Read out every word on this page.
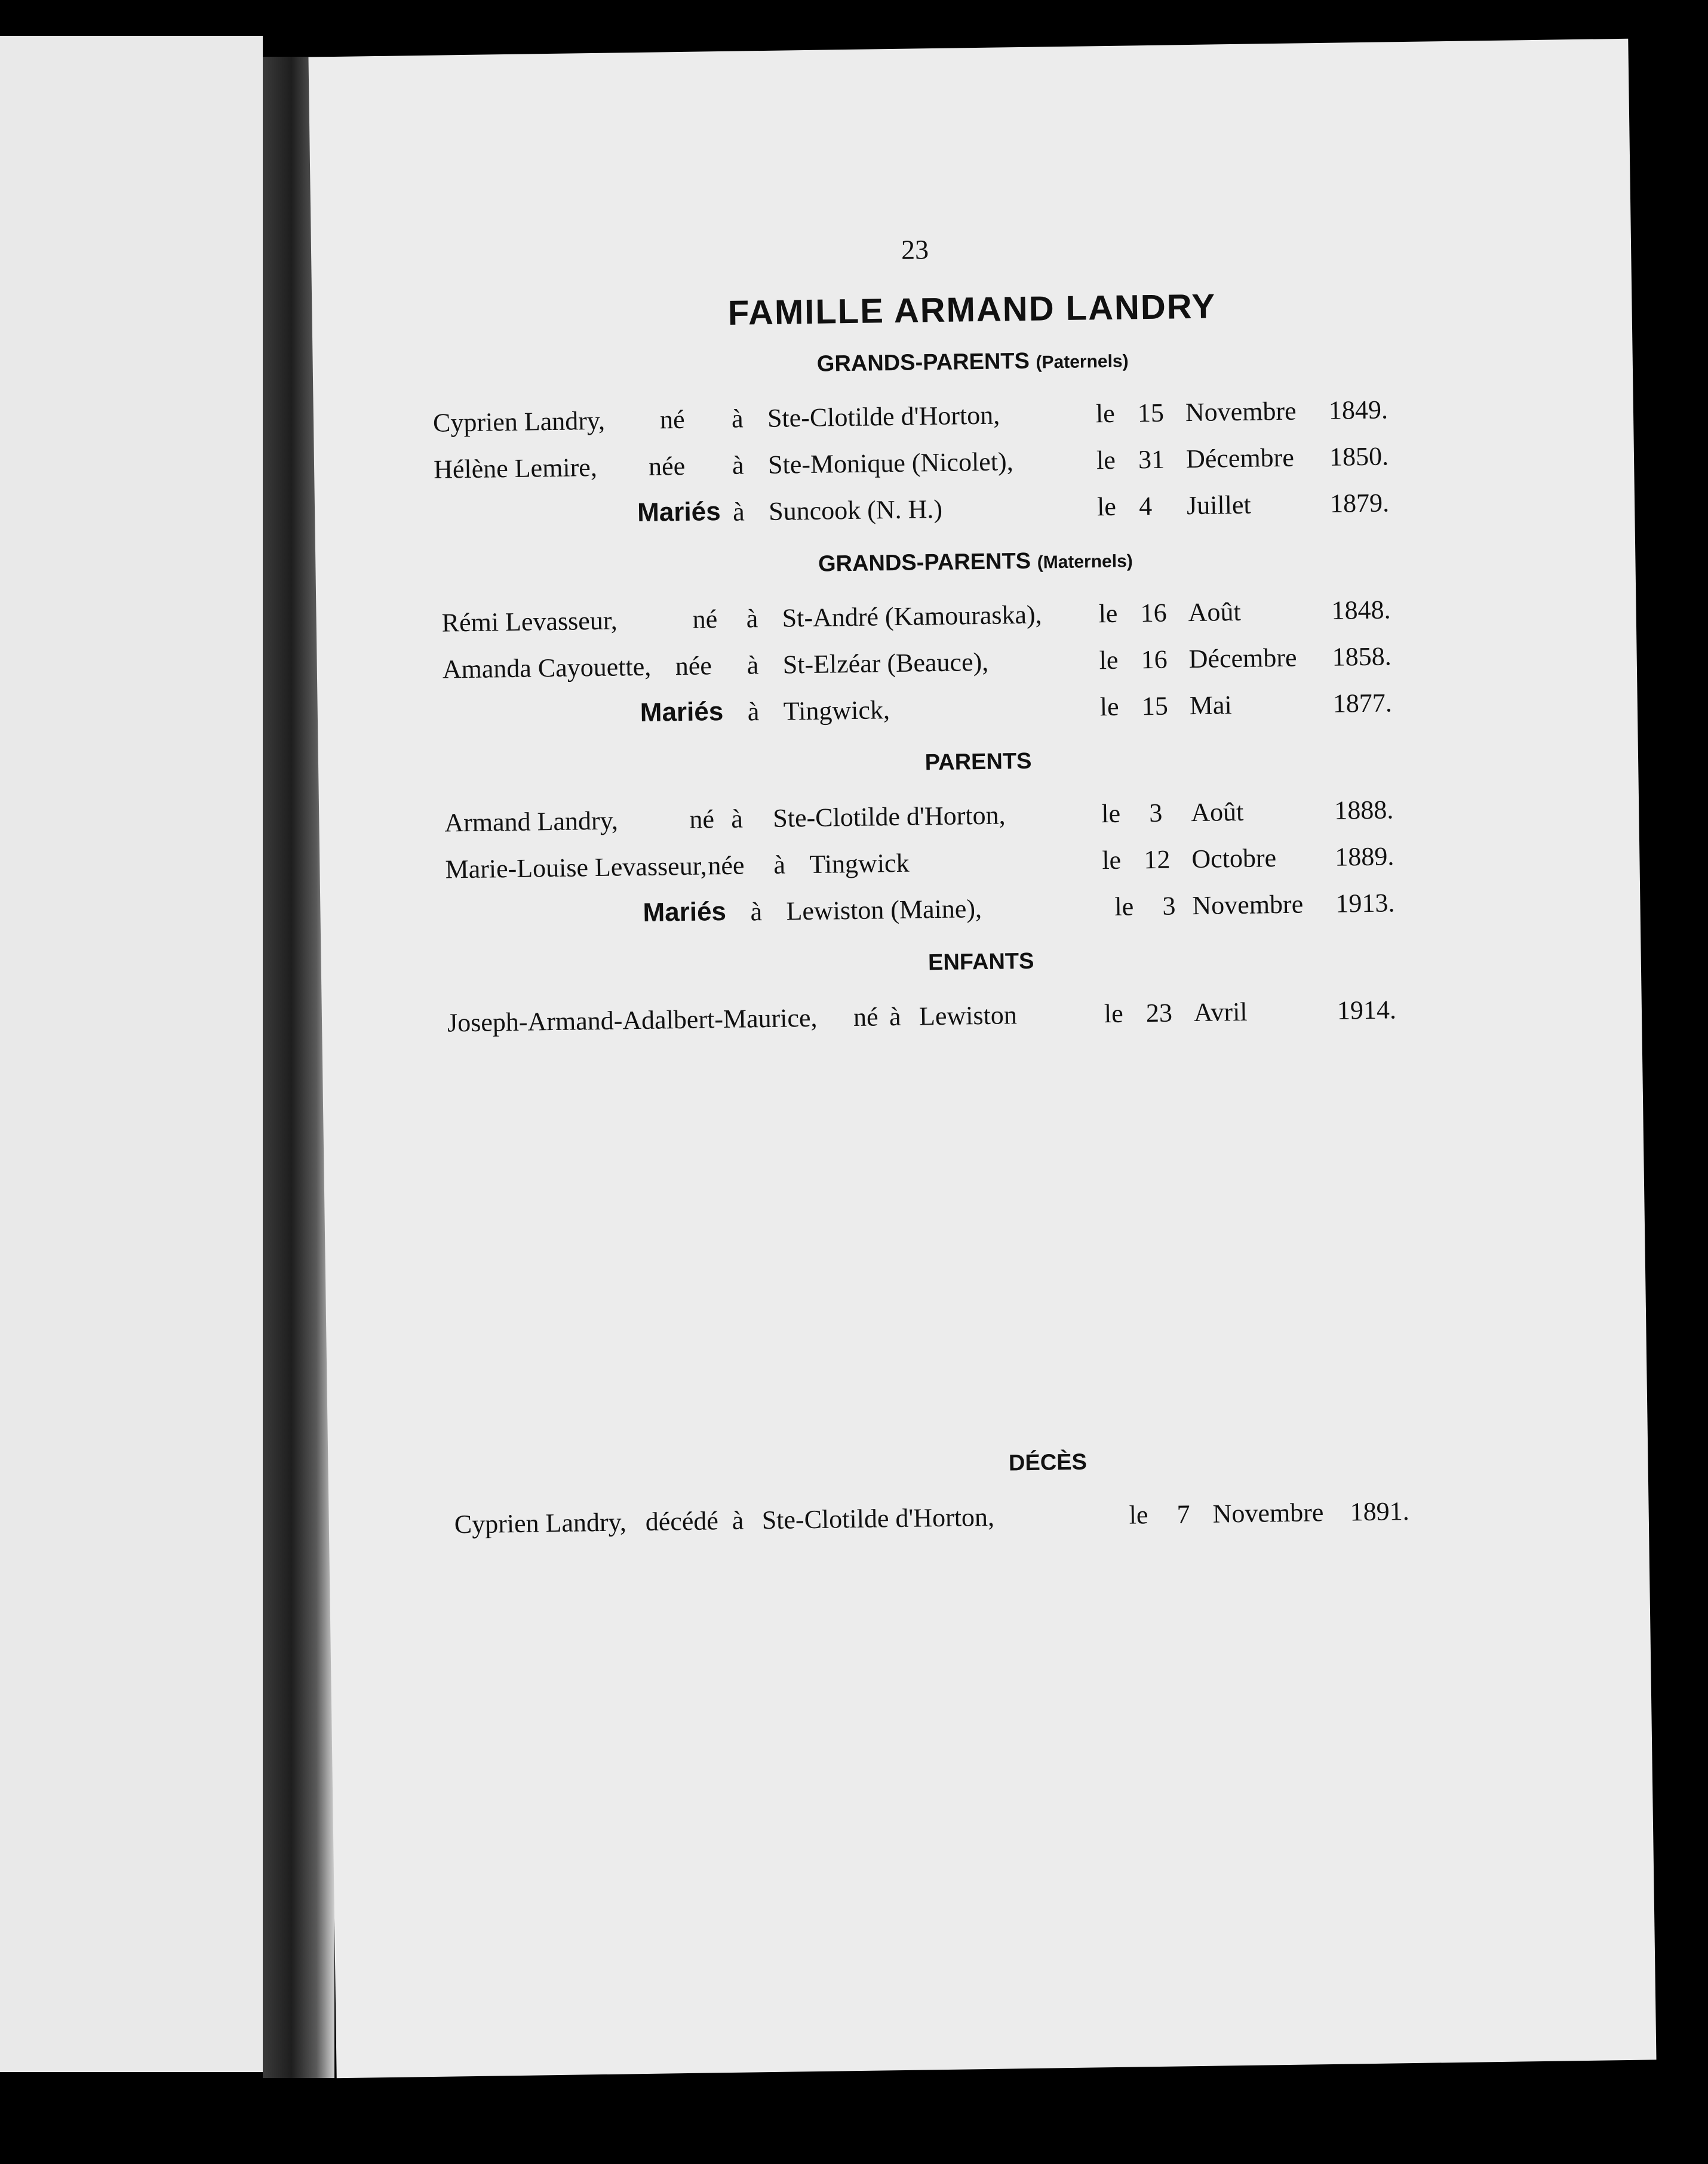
23
FAMILLE ARMAND LANDRY
GRANDS-PARENTS (Paternels)
Cyprien Landry, né à Ste-Clotilde d'Horton,	le 15 Novembre 1849.
Hélène Lemire, née à Ste-Monique (Nicolet),	le 31 Décembre 1850.
Mariés à Suncook (N. H.)	le 4 Juillet	1879.
GRANDS-PARENTS (Maternels)
Rémi Levasseur,	né à St-André (Kamouraska), le 16 Août	1848.
Amanda Cayouette, née à St-Elzéar (Beauce),	le 16 Décembre 1858.
Mariés à Tingwick,	le 15 Mai	1877.
PARENTS
Armand Landry,	né à Ste-Clotilde d'Horton,	le 3 Août	1888.
Marie-Louise Levasseur, née à Tingwick	le 12 Octobre 1889.
Mariés à Lewiston (Maine),	le 3 Novembre 1913.
ENFANTS
Joseph-Armand-Adalbert-Maurice, né à Lewiston	le 23 Avril	1914.
DÉCÈS
Cyprien Landry, décédé à Ste-Clotilde d'Horton,	le 7 Novembre 1891.
